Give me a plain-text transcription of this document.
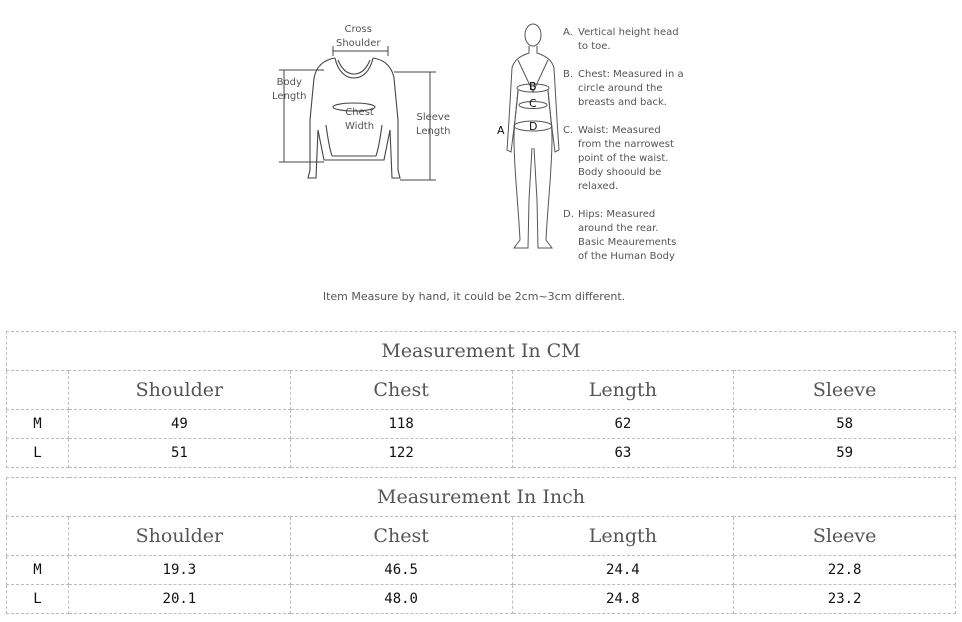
Cross
Shoulder
Body
Length
Chest
Width
Sleeve
Length	A
B
C
D
A. Vertical height head
to toe.
B. Chest: Measured in a
circle around the
breasts and back.
C. Waist: Measured
from the narrowest
point of the waist.
Body shoould be
relaxed.
D. Hips: Measured
around the rear.
Basic Meaurements
of the Human Body
Item Measure by hand, it could be 2cm~3cm different.
Measurement In CM				
	Shoulder	Chest	Length	Sleeve
M	49	118	62	58
L	51	122	63	59
Measurement In Inch				
	Shoulder	Chest	Length	Sleeve
M	19.3	46.5	24.4	22.8
L	20.1	48.0	24.8	23.2
